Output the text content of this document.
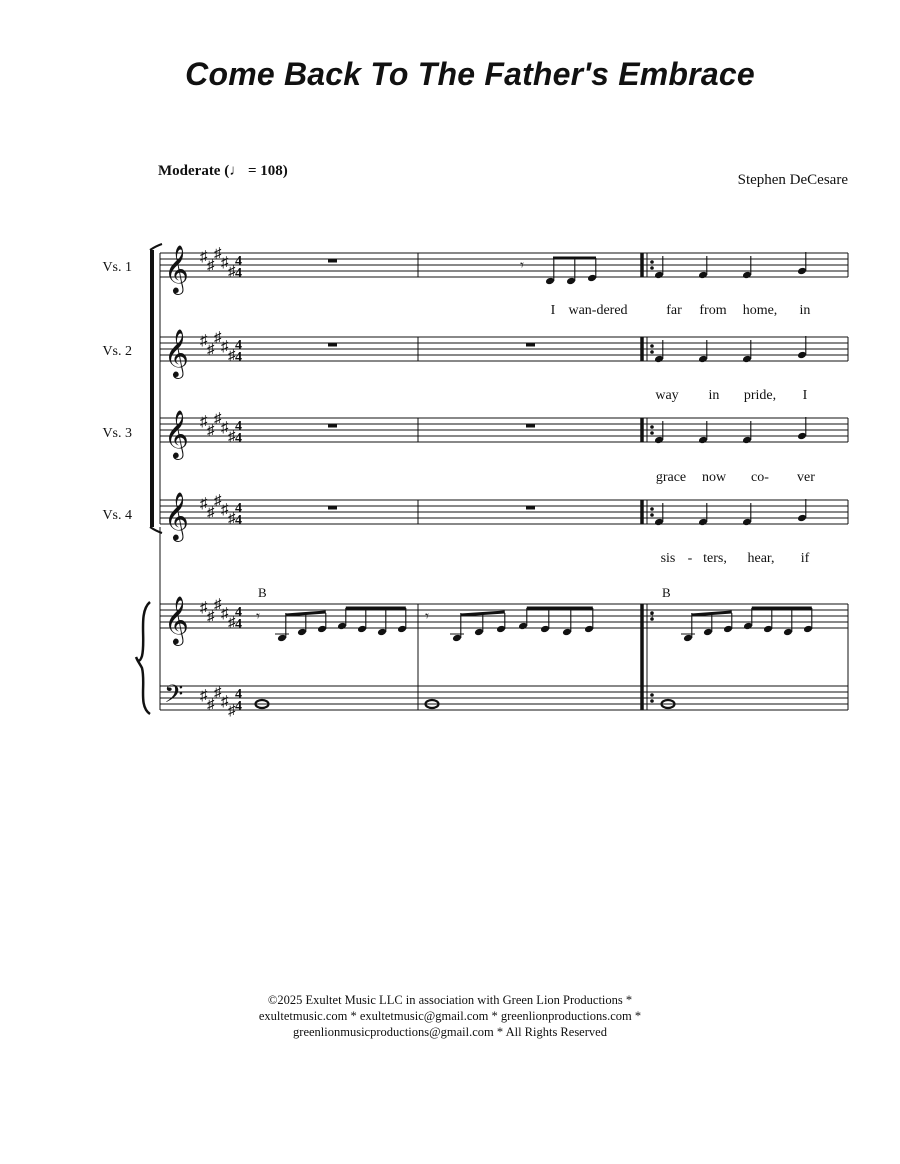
Come Back To The Father's Embrace
Moderate (♩ = 108)
Stephen DeCesare
𝄞 ♯
♯
♯
♯
♯
4
4	𝄾
𝄞 ♯
♯
♯
♯
♯
4
4
𝄞 ♯
♯
♯
♯
♯
4
4
𝄞 ♯
♯
♯
♯
♯
4
4
Vs. 1
I wan-dered	far from home, in
Vs. 2
way in pride, I
Vs. 3
grace now co- ver
Vs. 4
sis - ters, hear, if
𝄞 ♯
♯
♯
♯
♯
4
4
𝄢 ♯
♯
♯
♯
♯
4
4
B	B
𝄾	𝄾	𝄾
©2025 Exultet Music LLC in association with Green Lion Productions *
exultetmusic.com * exultetmusic@gmail.com * greenlionproductions.com *
greenlionmusicproductions@gmail.com * All Rights Reserved
